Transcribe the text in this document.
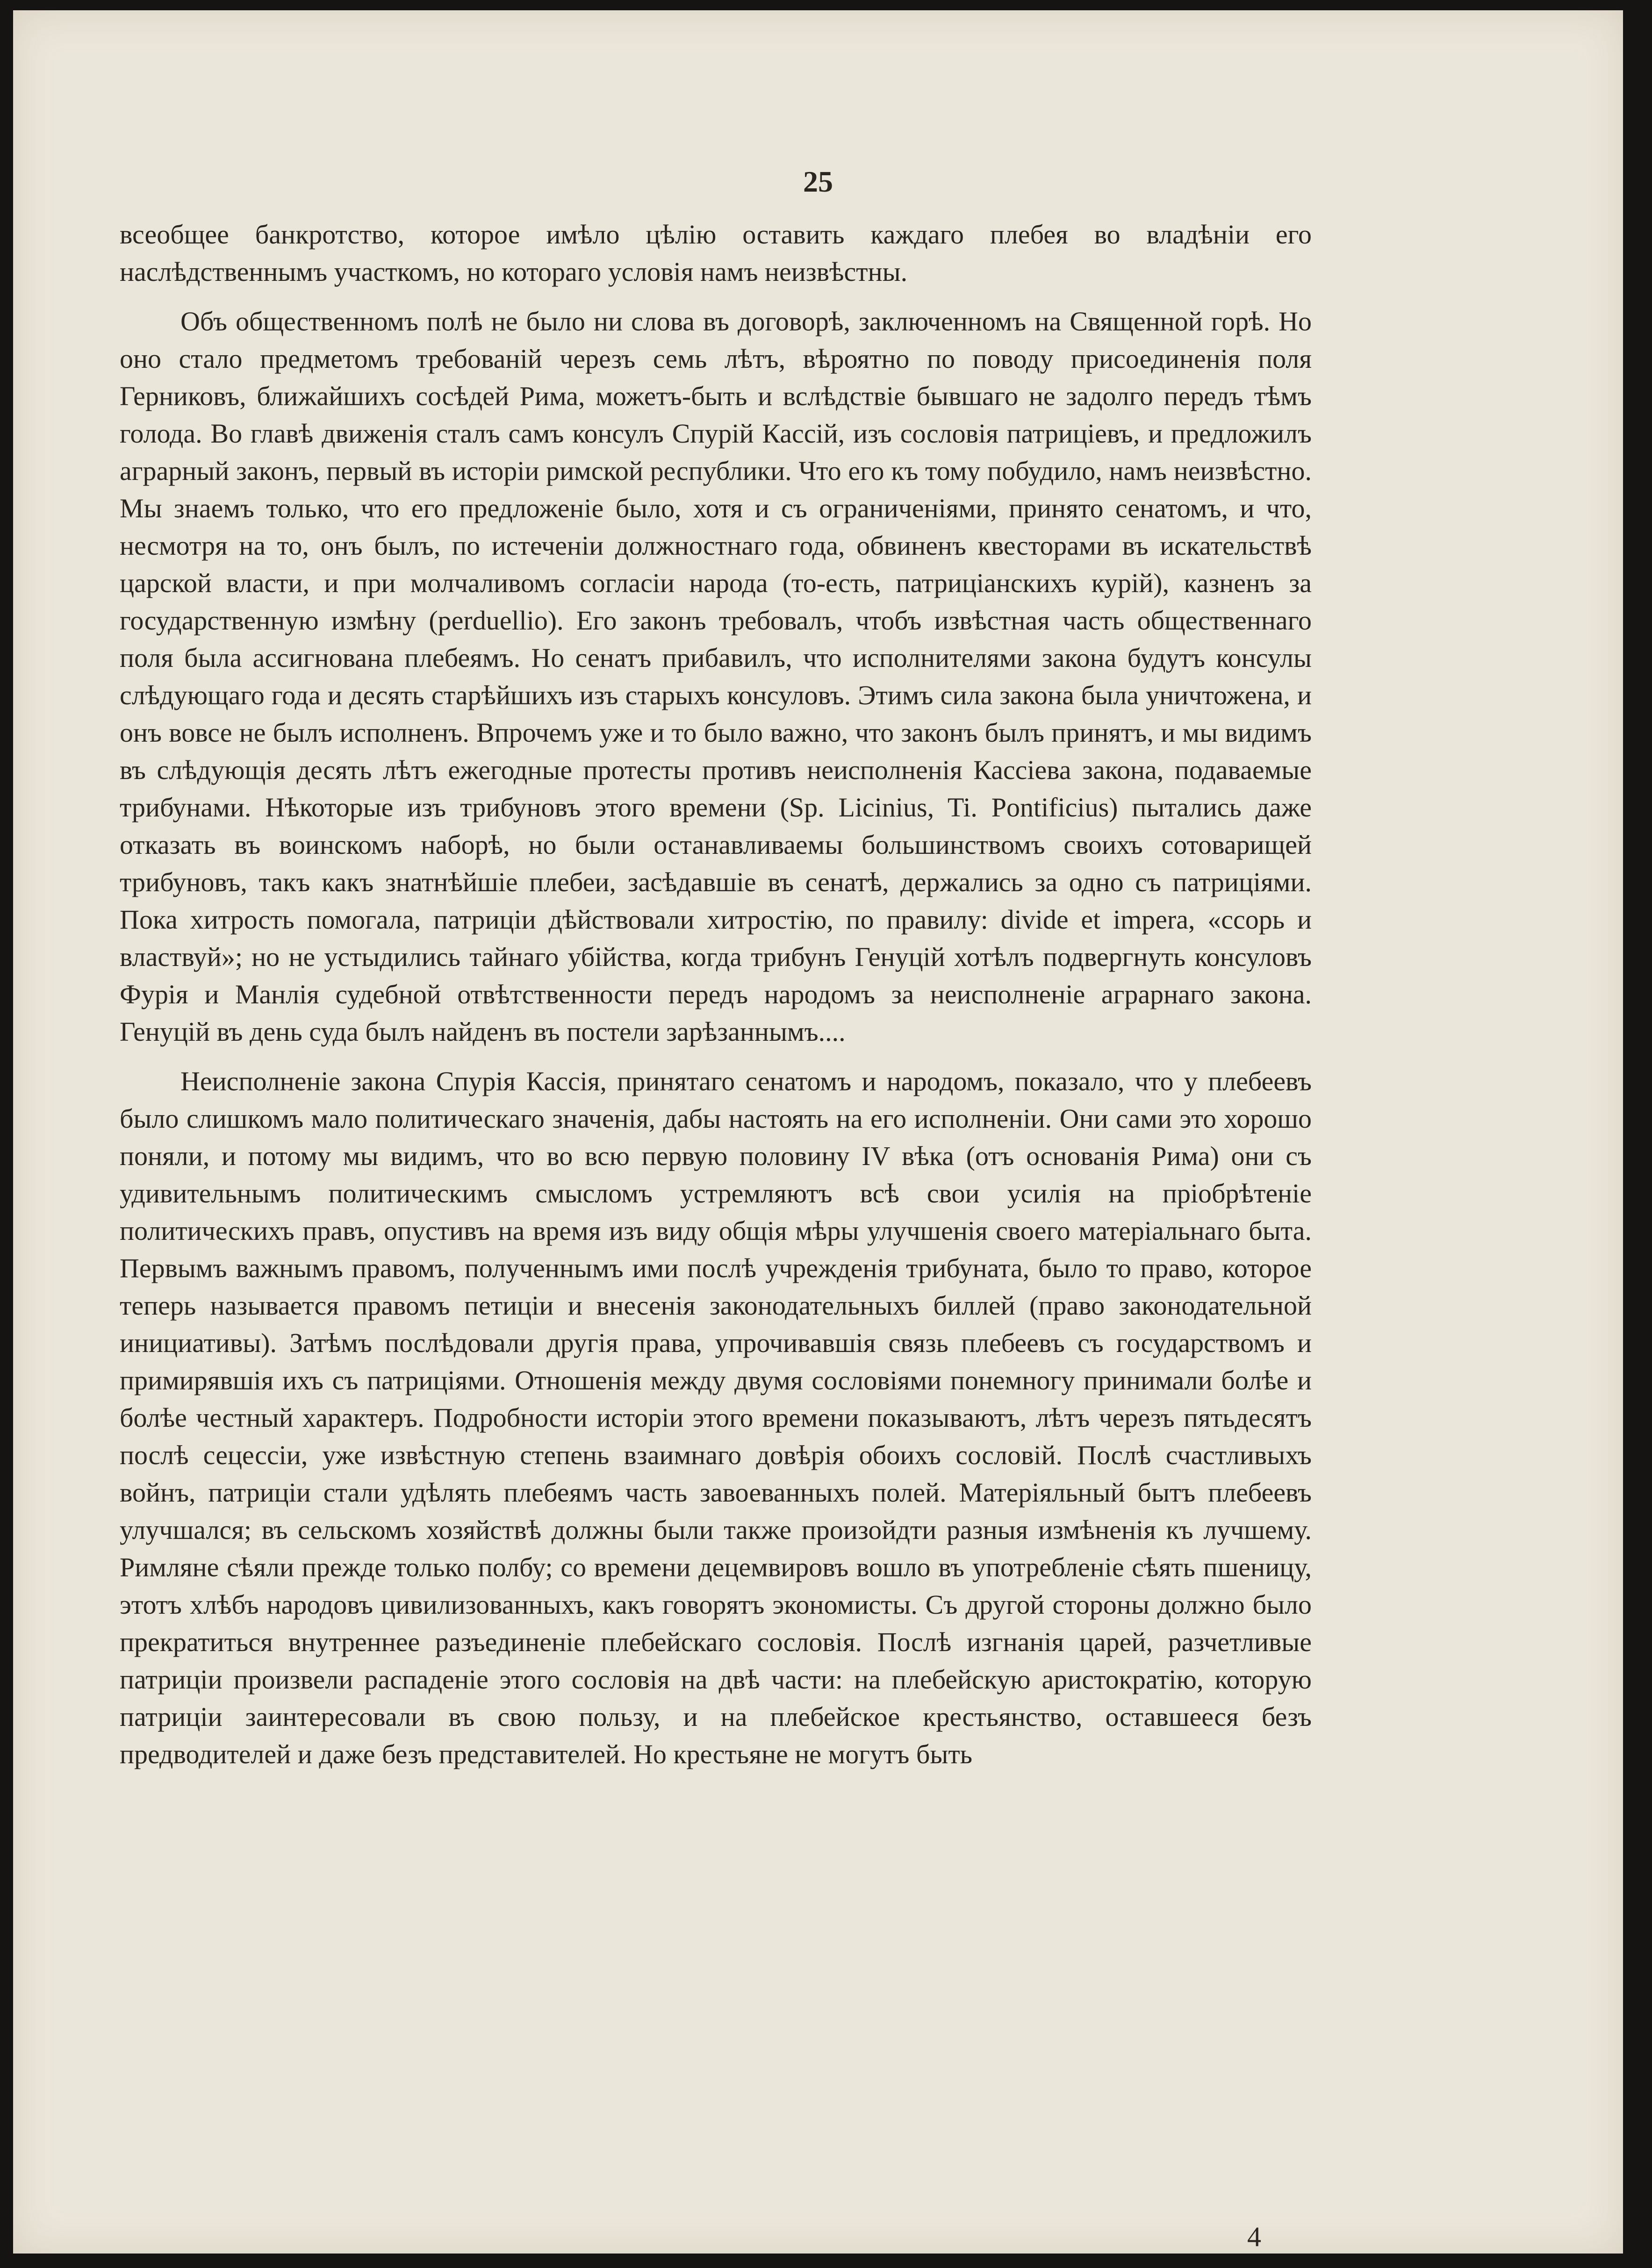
25

всеобщее банкротство, которое имѣло цѣлію оставить каждаго плебея во владѣніи его наслѣдственнымъ участкомъ, но котораго условія намъ неизвѣстны.

Объ общественномъ полѣ не было ни слова въ договорѣ, заключенномъ на Священной горѣ. Но оно стало предметомъ требованій черезъ семь лѣтъ, вѣроятно по поводу присоединенія поля Герниковъ, ближайшихъ сосѣдей Рима, можетъ-быть и вслѣдствіе бывшаго не задолго передъ тѣмъ голода. Во главѣ движенія сталъ самъ консулъ Спурій Кассій, изъ сословія патриціевъ, и предложилъ аграрный законъ, первый въ исторіи римской республики. Что его къ тому побудило, намъ неизвѣстно. Мы знаемъ только, что его предложеніе было, хотя и съ ограниченіями, принято сенатомъ, и что, несмотря на то, онъ былъ, по истеченіи должностнаго года, обвиненъ квесторами въ искательствѣ царской власти, и при молчаливомъ согласіи народа (то-есть, патриціанскихъ курій), казненъ за государственную измѣну (perduellio). Его законъ требовалъ, чтобъ извѣстная часть общественнаго поля была ассигнована плебеямъ. Но сенатъ прибавилъ, что исполнителями закона будутъ консулы слѣдующаго года и десять старѣйшихъ изъ старыхъ консуловъ. Этимъ сила закона была уничтожена, и онъ вовсе не былъ исполненъ. Впрочемъ уже и то было важно, что законъ былъ принятъ, и мы видимъ въ слѣдующія десять лѣтъ ежегодные протесты противъ неисполненія Кассіева закона, подаваемые трибунами. Нѣкоторые изъ трибуновъ этого времени (Sp. Licinius, Ti. Pontificius) пытались даже отказать въ воинскомъ наборѣ, но были останавливаемы большинствомъ своихъ сотоварищей трибуновъ, такъ какъ знатнѣйшіе плебеи, засѣдавшіе въ сенатѣ, держались за одно съ патриціями. Пока хитрость помогала, патриціи дѣйствовали хитростію, по правилу: divide et impera, «ссорь и властвуй»; но не устыдились тайнаго убійства, когда трибунъ Генуцій хотѣлъ подвергнуть консуловъ Фурія и Манлія судебной отвѣтственности передъ народомъ за неисполненіе аграрнаго закона. Генуцій въ день суда былъ найденъ въ постели зарѣзаннымъ....

Неисполненіе закона Спурія Кассія, принятаго сенатомъ и народомъ, показало, что у плебеевъ было слишкомъ мало политическаго значенія, дабы настоять на его исполненіи. Они сами это хорошо поняли, и потому мы видимъ, что во всю первую половину IV вѣка (отъ основанія Рима) они съ удивительнымъ политическимъ смысломъ устремляютъ всѣ свои усилія на пріобрѣтеніе политическихъ правъ, опустивъ на время изъ виду общія мѣры улучшенія своего матеріальнаго быта. Первымъ важнымъ правомъ, полученнымъ ими послѣ учрежденія трибуната, было то право, которое теперь называется правомъ петиціи и внесенія законодательныхъ биллей (право законодательной инициативы). Затѣмъ послѣдовали другія права, упрочивавшія связь плебеевъ съ государствомъ и примирявшія ихъ съ патриціями. Отношенія между двумя сословіями понемногу принимали болѣе и болѣе честный характеръ. Подробности исторіи этого времени показываютъ, лѣтъ черезъ пятьдесятъ послѣ сецессіи, уже извѣстную степень взаимнаго довѣрія обоихъ сословій. Послѣ счастливыхъ войнъ, патриціи стали удѣлять плебеямъ часть завоеванныхъ полей. Матеріяльный бытъ плебеевъ улучшался; въ сельскомъ хозяйствѣ должны были также произойдти разныя измѣненія къ лучшему. Римляне сѣяли прежде только полбу; со времени децемвировъ вошло въ употребленіе сѣять пшеницу, этотъ хлѣбъ народовъ цивилизованныхъ, какъ говорятъ экономисты. Съ другой стороны должно было прекратиться внутреннее разъединеніе плебейскаго сословія. Послѣ изгнанія царей, разчетливые патриціи произвели распаденіе этого сословія на двѣ части: на плебейскую аристократію, которую патриціи заинтересовали въ свою пользу, и на плебейское крестьянство, оставшееся безъ предводителей и даже безъ представителей. Но крестьяне не могутъ быть

4
